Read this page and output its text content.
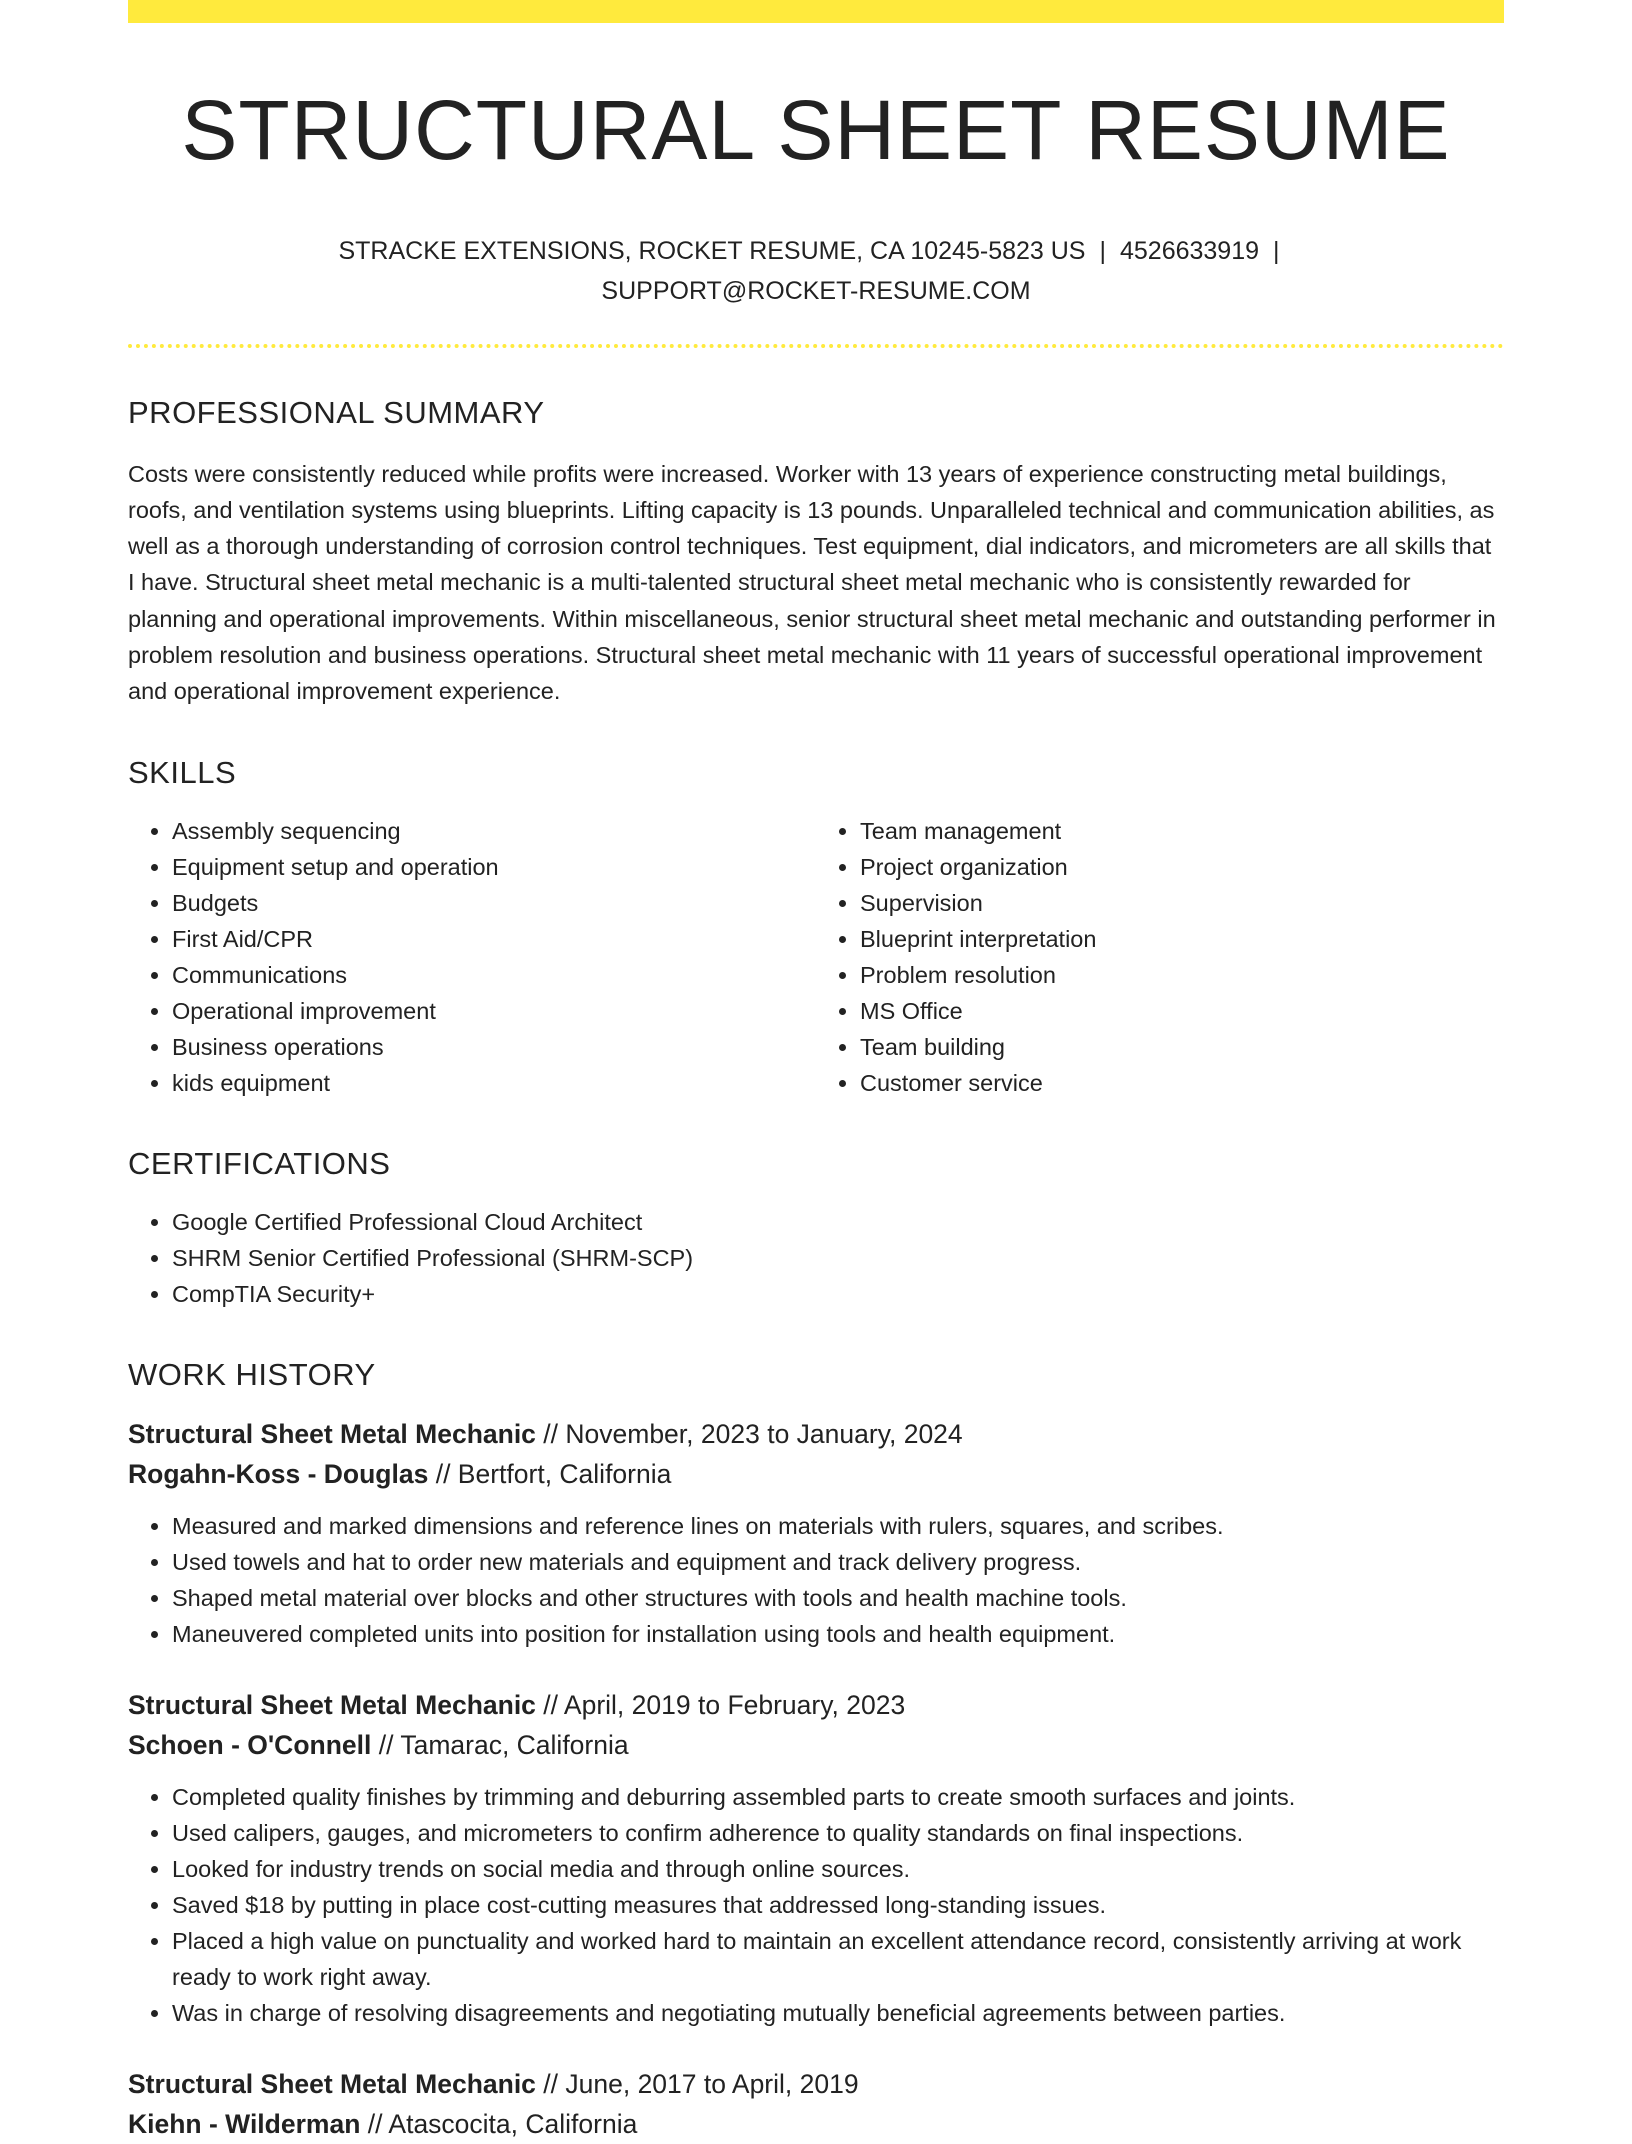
STRUCTURAL SHEET RESUME
STRACKE EXTENSIONS, ROCKET RESUME, CA 10245-5823 US | 4526633919 |
SUPPORT@ROCKET-RESUME.COM
PROFESSIONAL SUMMARY

Costs were consistently reduced while profits were increased. Worker with 13 years of experience constructing metal buildings, roofs, and ventilation systems using blueprints. Lifting capacity is 13 pounds. Unparalleled technical and communication abilities, as well as a thorough understanding of corrosion control techniques. Test equipment, dial indicators, and micrometers are all skills that I have. Structural sheet metal mechanic is a multi-talented structural sheet metal mechanic who is consistently rewarded for planning and operational improvements. Within miscellaneous, senior structural sheet metal mechanic and outstanding performer in problem resolution and business operations. Structural sheet metal mechanic with 11 years of successful operational improvement and operational improvement experience.

SKILLS
• Assembly sequencing
• Equipment setup and operation
• Budgets
• First Aid/CPR
• Communications
• Operational improvement
• Business operations
• kids equipment
• Team management
• Project organization
• Supervision
• Blueprint interpretation
• Problem resolution
• MS Office
• Team building
• Customer service
CERTIFICATIONS
• Google Certified Professional Cloud Architect
• SHRM Senior Certified Professional (SHRM-SCP)
• CompTIA Security+
WORK HISTORY
Structural Sheet Metal Mechanic // November, 2023 to January, 2024
Rogahn-Koss - Douglas // Bertfort, California
• Measured and marked dimensions and reference lines on materials with rulers, squares, and scribes.
• Used towels and hat to order new materials and equipment and track delivery progress.
• Shaped metal material over blocks and other structures with tools and health machine tools.
• Maneuvered completed units into position for installation using tools and health equipment.
Structural Sheet Metal Mechanic // April, 2019 to February, 2023
Schoen - O'Connell // Tamarac, California
• Completed quality finishes by trimming and deburring assembled parts to create smooth surfaces and joints.
• Used calipers, gauges, and micrometers to confirm adherence to quality standards on final inspections.
• Looked for industry trends on social media and through online sources.
• Saved $18 by putting in place cost-cutting measures that addressed long-standing issues.
• Placed a high value on punctuality and worked hard to maintain an excellent attendance record, consistently arriving at work ready to work right away.
• Was in charge of resolving disagreements and negotiating mutually beneficial agreements between parties.
Structural Sheet Metal Mechanic // June, 2017 to April, 2019
Kiehn - Wilderman // Atascocita, California
